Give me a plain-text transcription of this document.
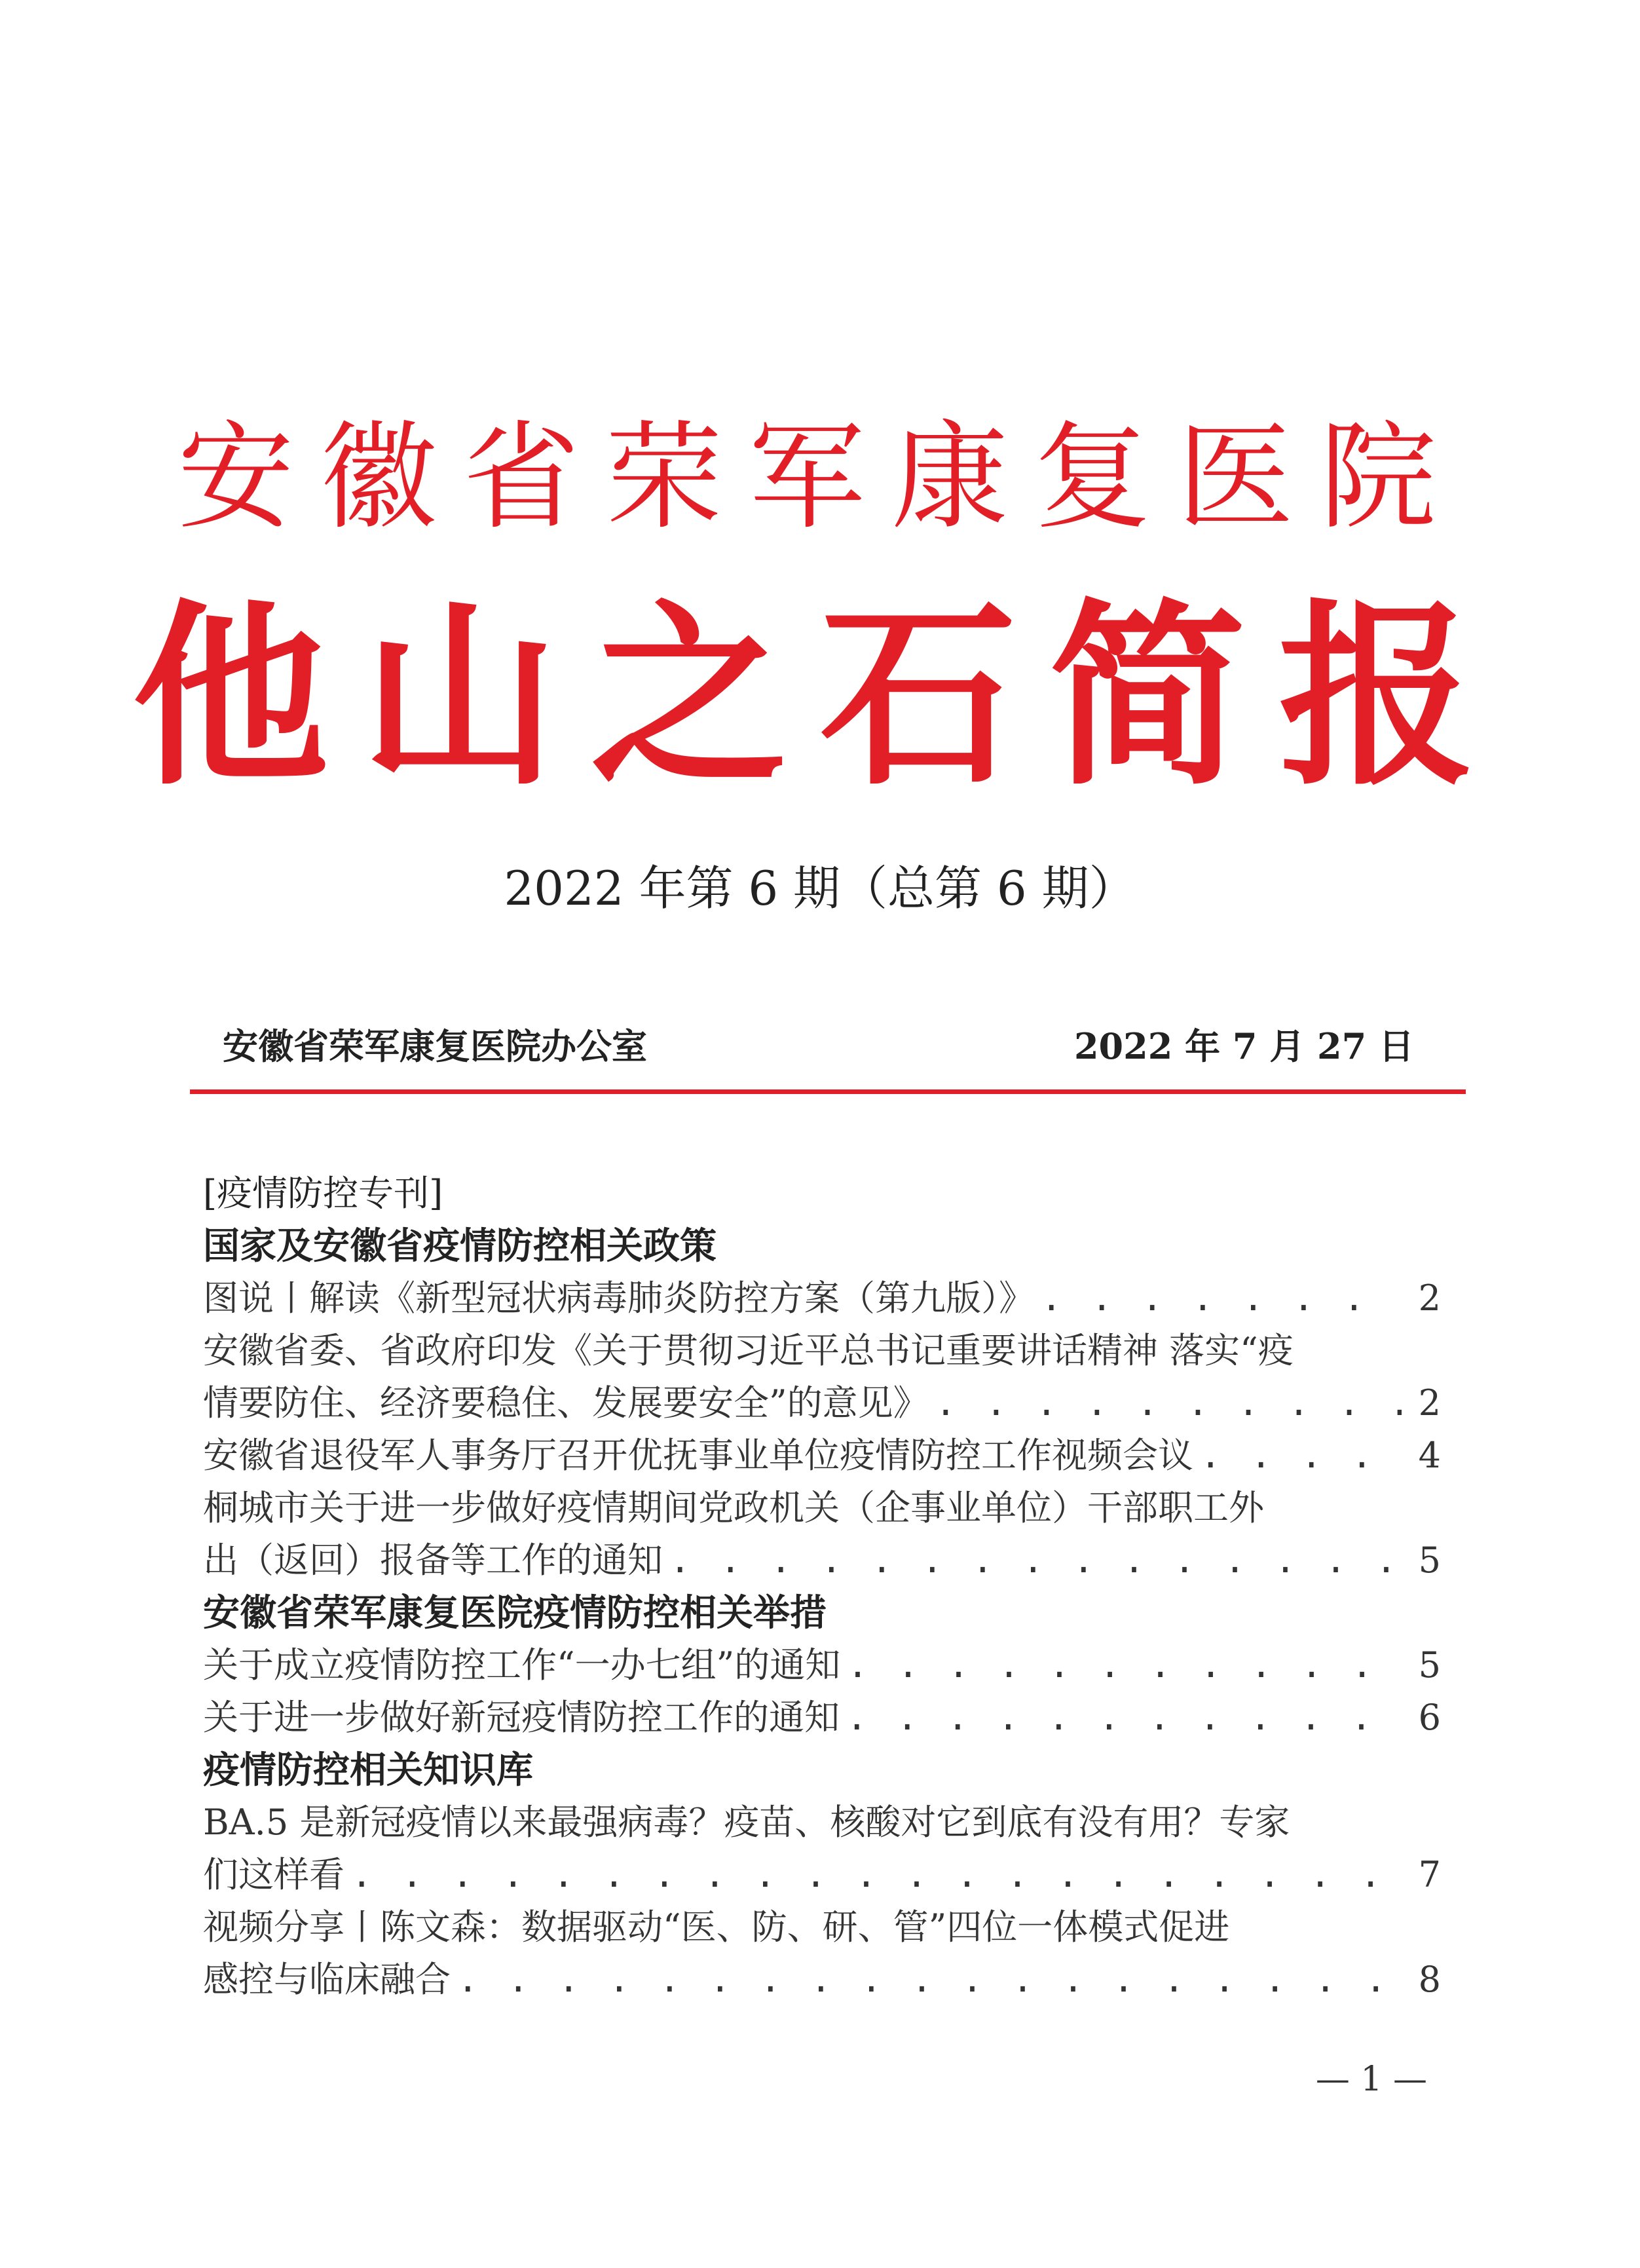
安徽省荣军康复医院
他山之石简报
2022 年第 6 期（总第 6 期）
安徽省荣军康复医院办公室	2022 年 7 月 27 日
[疫情防控专刊]
国家及安徽省疫情防控相关政策
图说丨解读《新型冠状病毒肺炎防控方案（第九版）》 . . .	2
安徽省委、省政府印发《关于贯彻习近平总书记重要讲话精神 落实“疫
情要防住、经济要稳住、发展要安全”的意见》 . . .	2
安徽省退役军人事务厅召开优抚事业单位疫情防控工作视频会议 . . .	4
桐城市关于进一步做好疫情期间党政机关（企事业单位）干部职工外
出（返回）报备等工作的通知 . . .	5
安徽省荣军康复医院疫情防控相关举措
关于成立疫情防控工作“一办七组”的通知 . . .	5
关于进一步做好新冠疫情防控工作的通知 . . .	6
疫情防控相关知识库
BA.5 是新冠疫情以来最强病毒？疫苗、核酸对它到底有没有用？专家
们这样看 . . .	7
视频分享丨陈文森：数据驱动“医、防、研、管”四位一体模式促进
感控与临床融合 . . .	8
— 1 —
